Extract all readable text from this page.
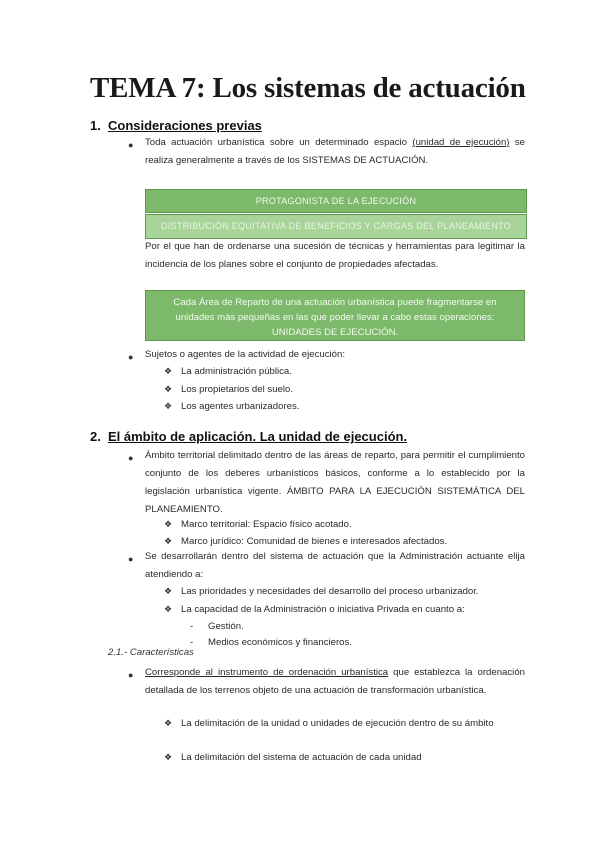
TEMA 7: Los sistemas de actuación
1. Consideraciones previas
● Toda actuación urbanística sobre un determinado espacio (unidad de ejecución) se realiza generalmente a través de los SISTEMAS DE ACTUACIÓN.
PROTAGONISTA DE LA EJECUCIÓN
DISTRIBUCIÓN EQUITATIVA DE BENEFICIOS Y CARGAS DEL PLANEAMIENTO
Por el que han de ordenarse una sucesión de técnicas y herramientas para legitimar la incidencia de los planes sobre el conjunto de propiedades afectadas.
Cada Área de Reparto de una actuación urbanística puede fragmentarse en unidades más pequeñas en las que poder llevar a cabo estas operaciones: UNIDADES DE EJECUCIÓN.
● Sujetos o agentes de la actividad de ejecución:
❖ La administración pública.
❖ Los propietarios del suelo.
❖ Los agentes urbanizadores.
2. El ámbito de aplicación. La unidad de ejecución.
● Ámbito territorial delimitado dentro de las áreas de reparto, para permitir el cumplimiento conjunto de los deberes urbanísticos básicos, conforme a lo establecido por la legislación urbanística vigente. ÁMBITO PARA LA EJECUCIÓN SISTEMÁTICA DEL PLANEAMIENTO.
❖ Marco territorial: Espacio físico acotado.
❖ Marco jurídico: Comunidad de bienes e interesados afectados.
● Se desarrollarán dentro del sistema de actuación que la Administración actuante elija atendiendo a:
❖ Las prioridades y necesidades del desarrollo del proceso urbanizador.
❖ La capacidad de la Administración o iniciativa Privada en cuanto a:
- Gestión.
- Medios económicos y financieros.
2.1.- Características
● Corresponde al instrumento de ordenación urbanística que establezca la ordenación detallada de los terrenos objeto de una actuación de transformación urbanística.
❖ La delimitación de la unidad o unidades de ejecución dentro de su ámbito
❖ La delimitación del sistema de actuación de cada unidad
